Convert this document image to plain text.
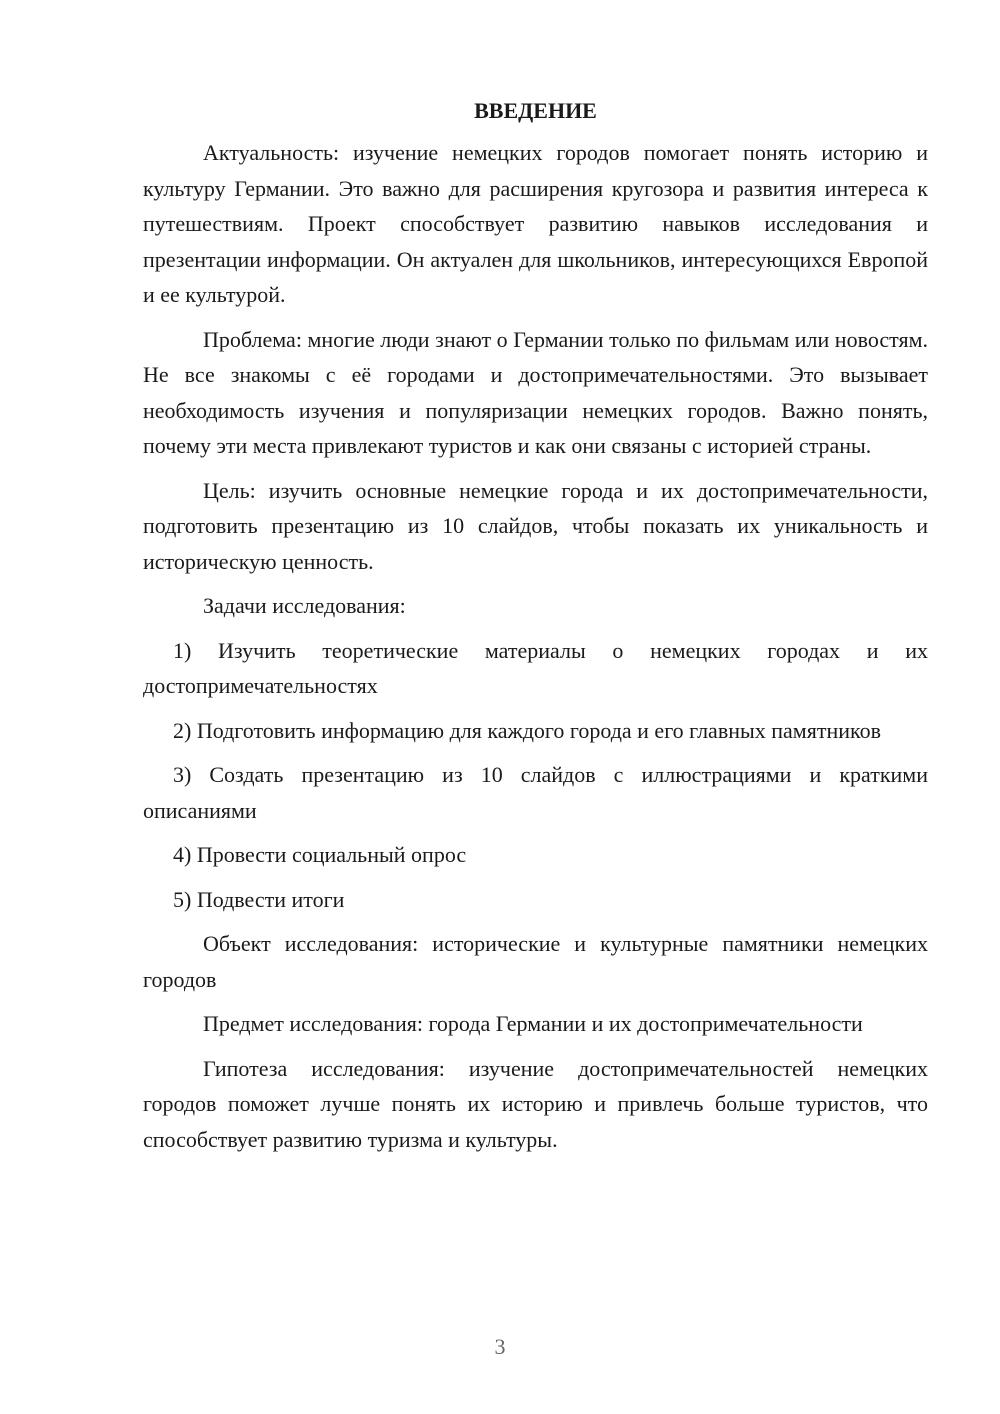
ВВЕДЕНИЕ

Актуальность: изучение немецких городов помогает понять историю и культуру Германии. Это важно для расширения кругозора и развития интереса к путешествиям. Проект способствует развитию навыков исследования и презентации информации. Он актуален для школьников, интересующихся Европой и ее культурой.

Проблема: многие люди знают о Германии только по фильмам или новостям. Не все знакомы с её городами и достопримечательностями. Это вызывает необходимость изучения и популяризации немецких городов. Важно понять, почему эти места привлекают туристов и как они связаны с историей страны.

Цель: изучить основные немецкие города и их достопримечательности, подготовить презентацию из 10 слайдов, чтобы показать их уникальность и историческую ценность.

Задачи исследования:

1) Изучить теоретические материалы о немецких городах и их достопримечательностях

2) Подготовить информацию для каждого города и его главных памятников

3) Создать презентацию из 10 слайдов с иллюстрациями и краткими описаниями

4) Провести социальный опрос

5) Подвести итоги

Объект исследования: исторические и культурные памятники немецких городов

Предмет исследования: города Германии и их достопримечательности

Гипотеза исследования: изучение достопримечательностей немецких городов поможет лучше понять их историю и привлечь больше туристов, что способствует развитию туризма и культуры.

3
